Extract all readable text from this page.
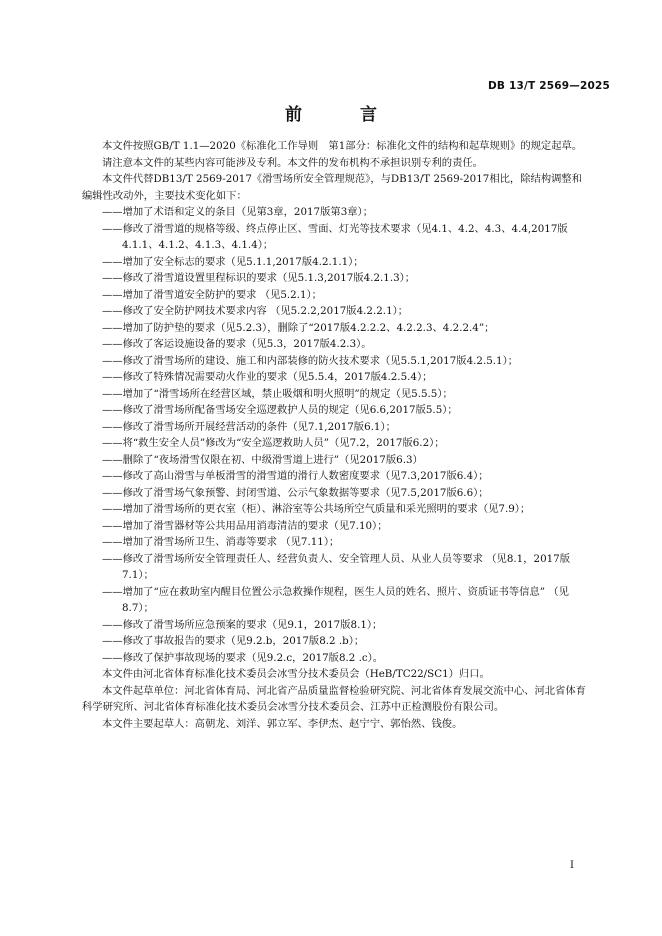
DB 13/T 2569—2025
前 言

本文件按照GB/T 1.1—2020《标准化工作导则　第1部分：标准化文件的结构和起草规则》的规定起草。

请注意本文件的某些内容可能涉及专利。本文件的发布机构不承担识别专利的责任。

本文件代替DB13/T 2569-2017《滑雪场所安全管理规范》，与DB13/T 2569-2017相比，除结构调整和编辑性改动外，主要技术变化如下：

——增加了术语和定义的条目（见第3章，2017版第3章）；

——修改了滑雪道的规格等级、终点停止区、雪面、灯光等技术要求（见4.1、4.2、4.3、4.4,2017版4.1.1、4.1.2、4.1.3、4.1.4）；

——增加了安全标志的要求（见5.1.1,2017版4.2.1.1）；

——修改了滑雪道设置里程标识的要求（见5.1.3,2017版4.2.1.3）；

——增加了滑雪道安全防护的要求 （见5.2.1）；

——修改了安全防护网技术要求内容 （见5.2.2,2017版4.2.2.1）；

——增加了防护垫的要求（见5.2.3），删除了“2017版4.2.2.2、4.2.2.3、4.2.2.4”；

——修改了客运设施设备的要求（见5.3，2017版4.2.3）。

——修改了滑雪场所的建设、施工和内部装修的防火技术要求（见5.5.1,2017版4.2.5.1）；

——修改了特殊情况需要动火作业的要求（见5.5.4，2017版4.2.5.4）；

——增加了“滑雪场所在经营区域，禁止吸烟和明火照明”的规定（见5.5.5）；

——修改了滑雪场所配备雪场安全巡逻救护人员的规定（见6.6,2017版5.5）；

——修改了滑雪场所开展经营活动的条件（见7.1,2017版6.1）；

——将“救生安全人员”修改为“安全巡逻救助人员”（见7.2，2017版6.2）；

——删除了“夜场滑雪仅限在初、中级滑雪道上进行”（见2017版6.3）

——修改了高山滑雪与单板滑雪的滑雪道的滑行人数密度要求（见7.3,2017版6.4）；

——修改了滑雪场气象预警、封闭雪道、公示气象数据等要求（见7.5,2017版6.6）；

——增加了滑雪场所的更衣室（柜）、淋浴室等公共场所空气质量和采光照明的要求（见7.9）；

——增加了滑雪器材等公共用品用消毒清洁的要求（见7.10）；

——增加了滑雪场所卫生、消毒等要求 （见7.11）；

——修改了滑雪场所安全管理责任人、经营负责人、安全管理人员、从业人员等要求 （见8.1，2017版7.1）；

——增加了“应在救助室内醒目位置公示急救操作规程，医生人员的姓名、照片、资质证书等信息” （见8.7）；

——修改了滑雪场所应急预案的要求（见9.1，2017版8.1）；

——修改了事故报告的要求（见9.2.b，2017版8.2 .b）；

——修改了保护事故现场的要求（见9.2.c，2017版8.2 .c）。

本文件由河北省体育标准化技术委员会冰雪分技术委员会（HeB/TC22/SC1）归口。

本文件起草单位：河北省体育局、河北省产品质量监督检验研究院、河北省体育发展交流中心、河北省体育科学研究所、河北省体育标准化技术委员会冰雪分技术委员会、江苏中正检测股份有限公司。

本文件主要起草人：高朝龙、刘洋、郭立军、李伊杰、赵宁宁、郭怡然、钱俊。

I
